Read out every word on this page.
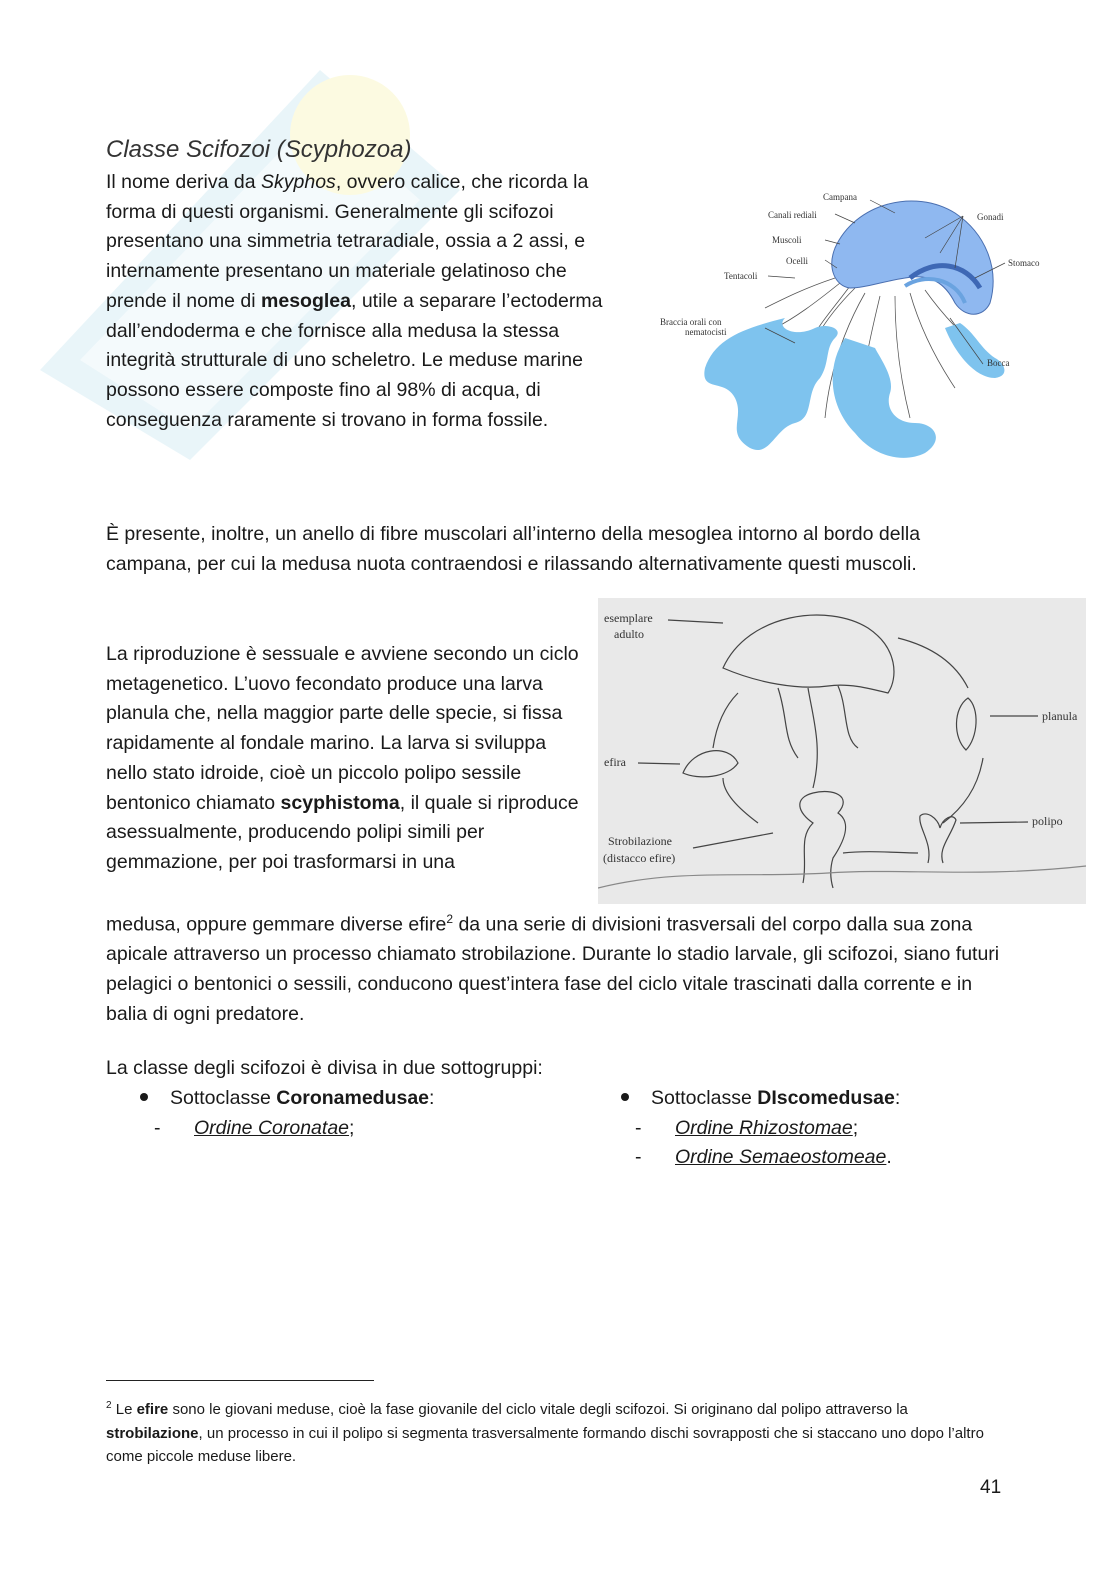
Classe Scifozoi (Scyphozoa)
Il nome deriva da Skyphos, ovvero calice, che ricorda la forma di questi organismi. Generalmente gli scifozoi presentano una simmetria tetraradiale, ossia a 2 assi, e internamente presentano un materiale gelatinoso che prende il nome di mesoglea, utile a separare l’ectoderma dall’endoderma e che fornisce alla medusa la stessa integrità strutturale di uno scheletro. Le meduse marine possono essere composte fino al 98% di acqua, di conseguenza raramente si trovano in forma fossile.
Campana
Canali rediali
Muscoli
Ocelli
Tentacoli
Braccia orali con
nematocisti
Gonadi
Stomaco
Bocca
È presente, inoltre, un anello di fibre muscolari all’interno della mesoglea intorno al bordo della campana, per cui la medusa nuota contraendosi e rilassando alternativamente questi muscoli.
La riproduzione è sessuale e avviene secondo un ciclo metagenetico. L’uovo fecondato produce una larva planula che, nella maggior parte delle specie, si fissa rapidamente al fondale marino. La larva si sviluppa nello stato idroide, cioè un piccolo polipo sessile bentonico chiamato scyphistoma, il quale si riproduce asessualmente, producendo polipi simili per gemmazione, per poi trasformarsi in una
esemplare
adulto
planula
efira
polipo
Strobilazione
(distacco efire)
medusa, oppure gemmare diverse efire$^2$ da una serie di divisioni trasversali del corpo dalla sua zona apicale attraverso un processo chiamato strobilazione. Durante lo stadio larvale, gli scifozoi, siano futuri pelagici o bentonici o sessili, conducono quest’intera fase del ciclo vitale trascinati dalla corrente e in balia di ogni predatore.
La classe degli scifozoi è divisa in due sottogruppi:
Sottoclasse Coronamedusae:
- Ordine Coronatae;
Sottoclasse DIscomedusae:
- Ordine Rhizostomae;
- Ordine Semaeostomeae.
$^2$ Le efire sono le giovani meduse, cioè la fase giovanile del ciclo vitale degli scifozoi. Si originano dal polipo attraverso la strobilazione, un processo in cui il polipo si segmenta trasversalmente formando dischi sovrapposti che si staccano uno dopo l’altro come piccole meduse libere.
41
